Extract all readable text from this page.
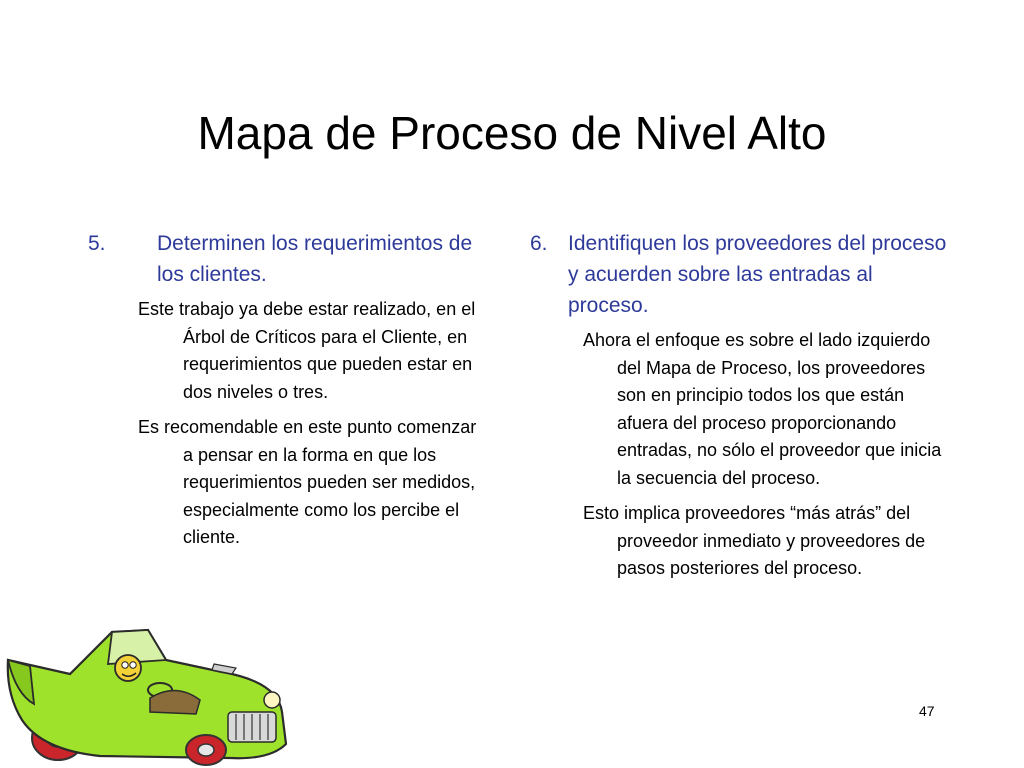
Mapa de Proceso de Nivel Alto
5. Determinen los requerimientos de los clientes.
Este trabajo ya debe estar realizado, en el Árbol de Críticos para el Cliente, en requerimientos que pueden estar en dos niveles o tres.
Es recomendable en este punto comenzar a pensar en la forma en que los requerimientos pueden ser medidos, especialmente como los percibe el cliente.
6. Identifiquen los proveedores del proceso y acuerden sobre las entradas al proceso.
Ahora el enfoque es sobre el lado izquierdo del Mapa de Proceso, los proveedores son en principio todos los que están afuera del proceso proporcionando entradas, no sólo el proveedor que inicia la secuencia del proceso.
Esto implica proveedores “más atrás” del proveedor inmediato y proveedores de pasos posteriores del proceso.
47
